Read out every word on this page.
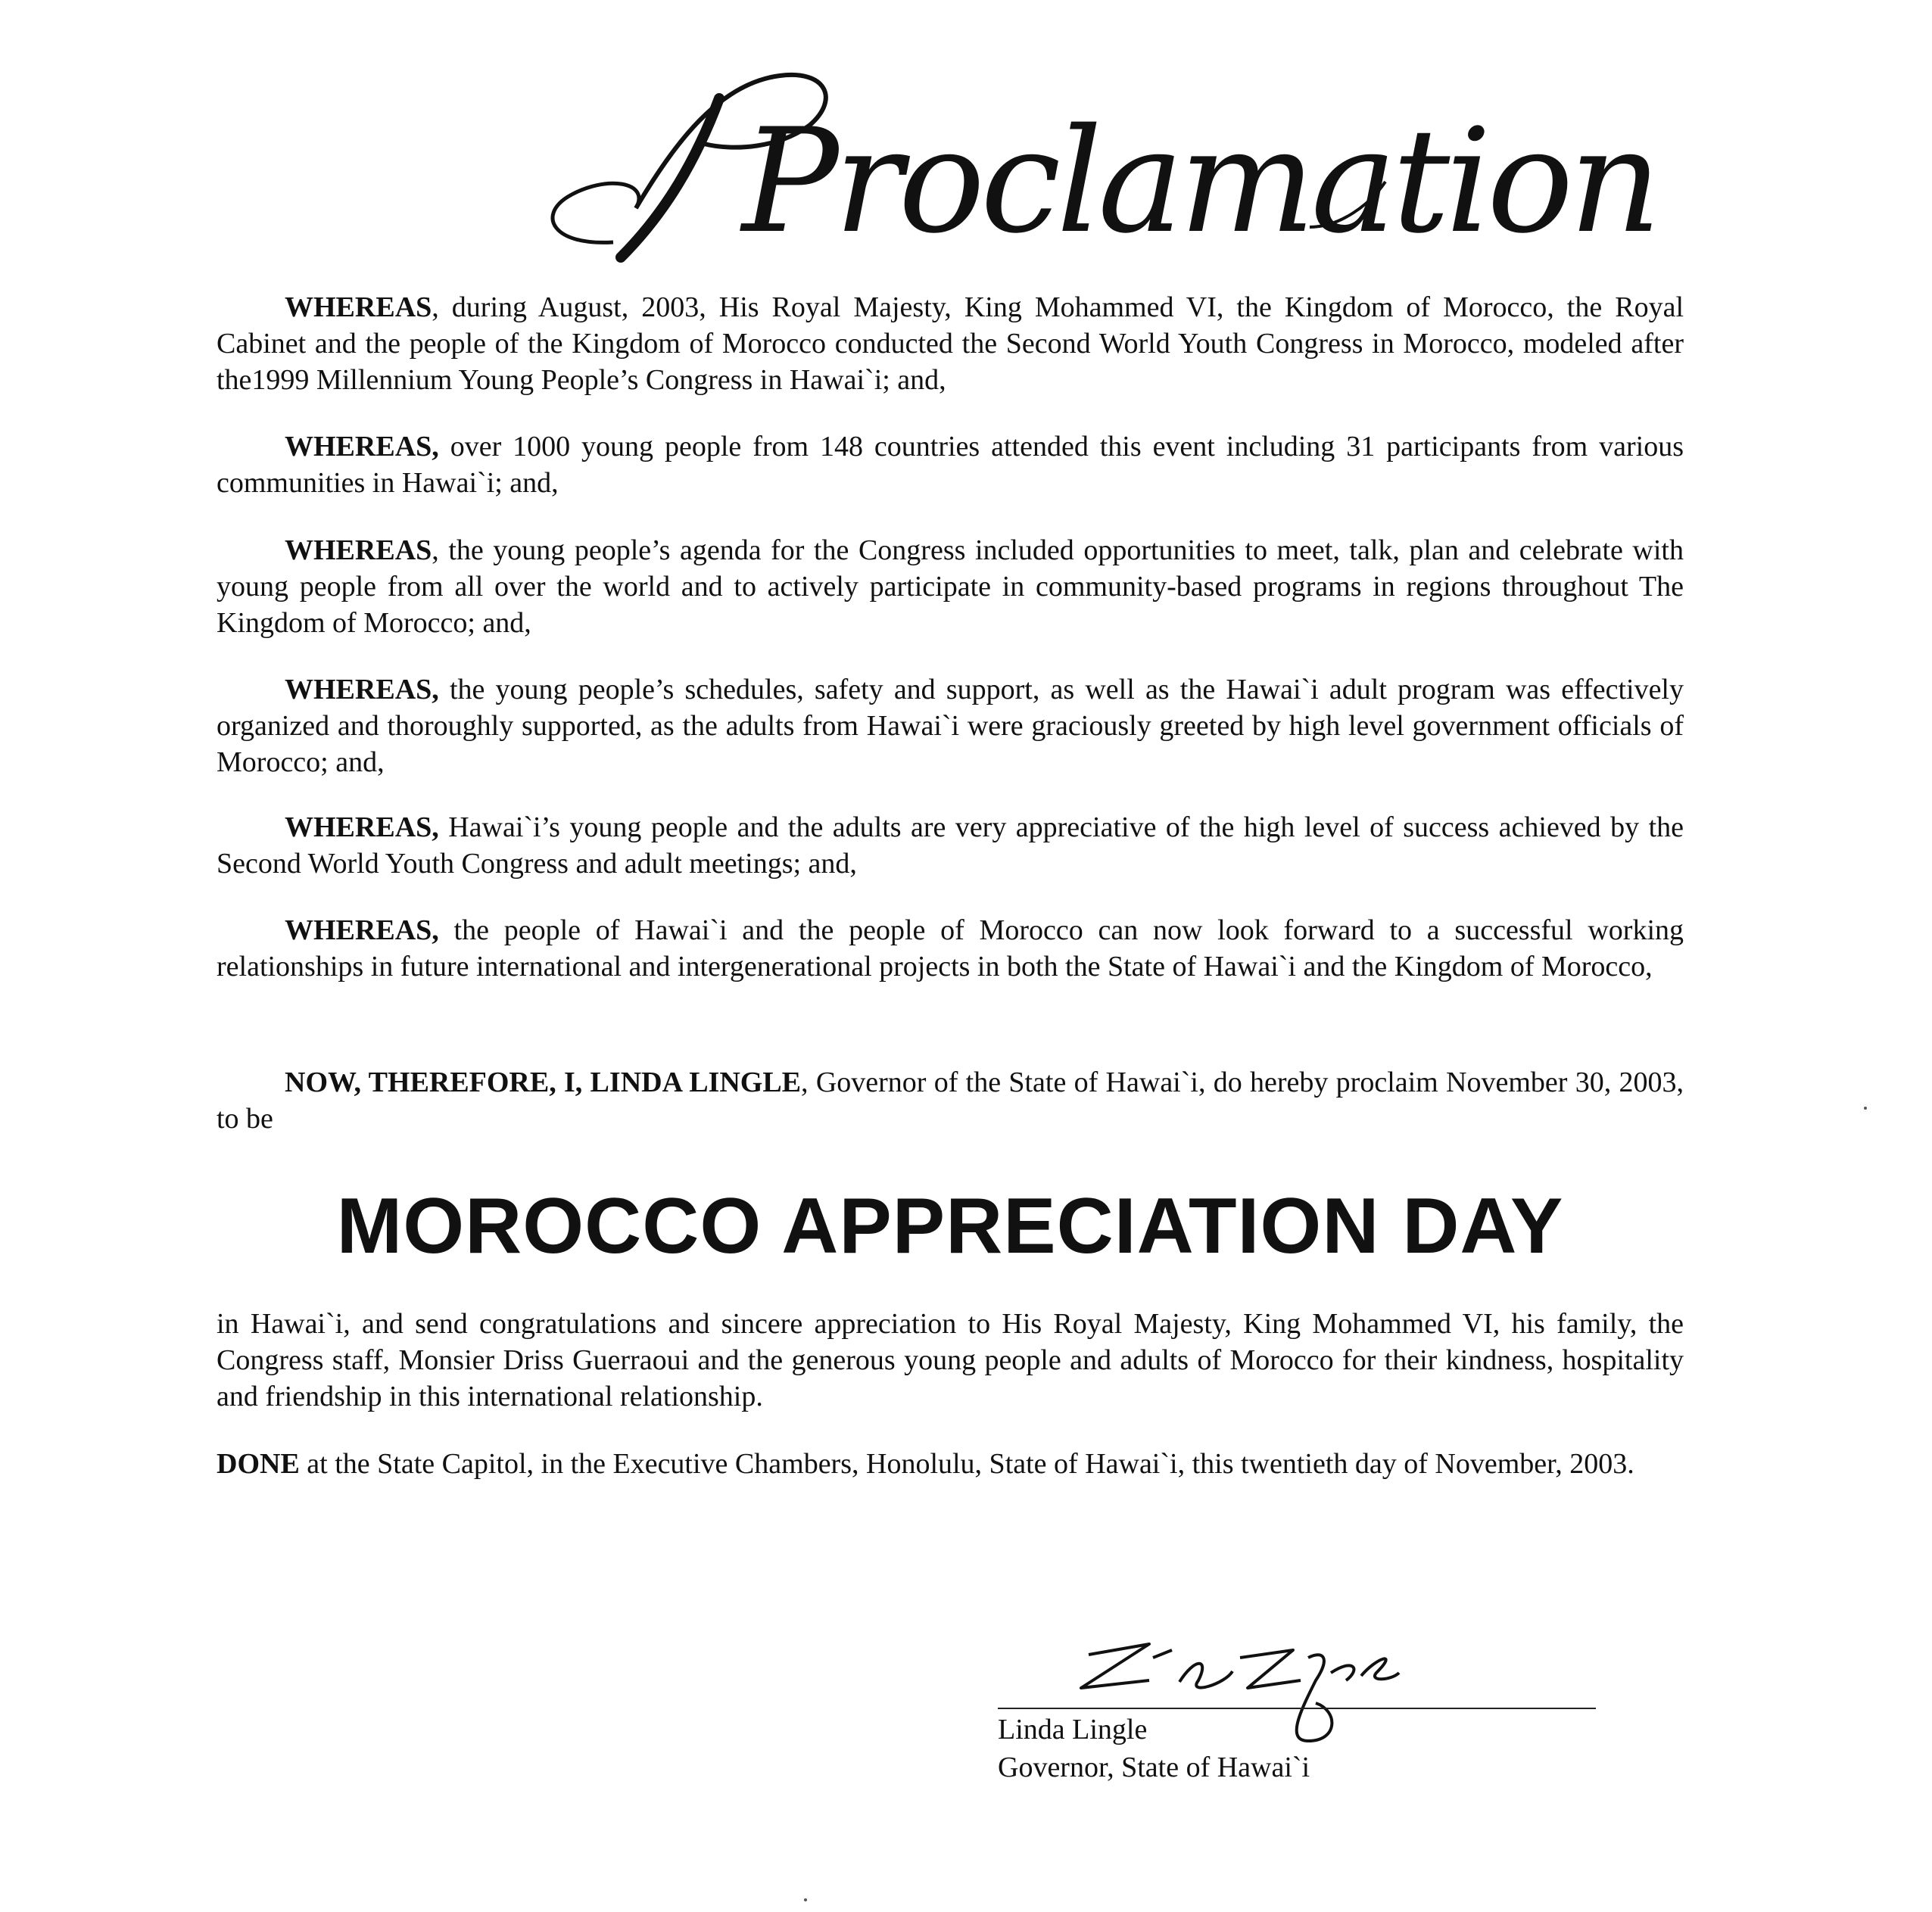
Proclamation

WHEREAS, during August, 2003, His Royal Majesty, King Mohammed VI, the Kingdom of Morocco, the Royal Cabinet and the people of the Kingdom of Morocco conducted the Second World Youth Congress in Morocco, modeled after the1999 Millennium Young People’s Congress in Hawai`i; and,

WHEREAS, over 1000 young people from 148 countries attended this event including 31 participants from various communities in Hawai`i; and,

WHEREAS, the young people’s agenda for the Congress included opportunities to meet, talk, plan and celebrate with young people from all over the world and to actively participate in community-based programs in regions throughout The Kingdom of Morocco; and,

WHEREAS, the young people’s schedules, safety and support, as well as the Hawai`i adult program was effectively organized and thoroughly supported, as the adults from Hawai`i were graciously greeted by high level government officials of Morocco; and,

WHEREAS, Hawai`i’s young people and the adults are very appreciative of the high level of success achieved by the Second World Youth Congress and adult meetings; and,

WHEREAS, the people of Hawai`i and the people of Morocco can now look forward to a successful working relationships in future international and intergenerational projects in both the State of Hawai`i and the Kingdom of Morocco,

NOW, THEREFORE, I, LINDA LINGLE, Governor of the State of Hawai`i, do hereby proclaim November 30, 2003, to be

MOROCCO APPRECIATION DAY

in Hawai`i, and send congratulations and sincere appreciation to His Royal Majesty, King Mohammed VI, his family, the Congress staff, Monsier Driss Guerraoui and the generous young people and adults of Morocco for their kindness, hospitality and friendship in this international relationship.

DONE at the State Capitol, in the Executive Chambers, Honolulu, State of Hawai`i, this twentieth day of November, 2003.

Linda Lingle
Governor, State of Hawai`i
